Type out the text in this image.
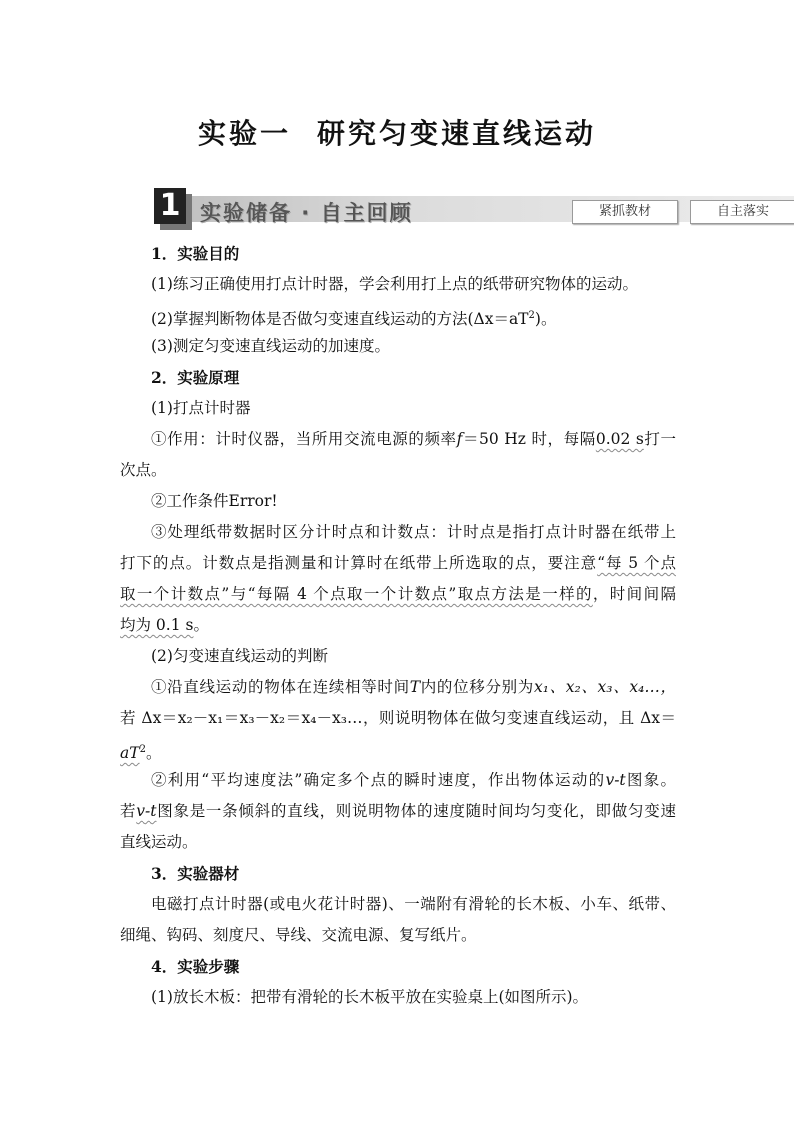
实验一 研究匀变速直线运动
1 实验储备 · 自主回顾	紧抓教材	自主落实
1．实验目的
(1)练习正确使用打点计时器，学会利用打上点的纸带研究物体的运动。
(2)掌握判断物体是否做匀变速直线运动的方法$(\Delta x=aT^2)$。
(3)测定匀变速直线运动的加速度。
2．实验原理
(1)打点计时器
①作用：计时仪器，当所用交流电源的频率f＝50 Hz 时，每隔0.02 s打一
次点。
②工作条件Error!
③处理纸带数据时区分计时点和计数点：计时点是指打点计时器在纸带上
打下的点。计数点是指测量和计算时在纸带上所选取的点，要注意“每 5 个点
取一个计数点”与“每隔 4 个点取一个计数点”取点方法是一样的，时间间隔
均为 0.1 s。
(2)匀变速直线运动的判断
①沿直线运动的物体在连续相等时间T内的位移分别为x₁、x₂、x₃、x₄…，
若 Δx＝x₂－x₁＝x₃－x₂＝x₄－x₃…，则说明物体在做匀变速直线运动，且 Δx＝
$aT^2$。
②利用“平均速度法”确定多个点的瞬时速度，作出物体运动的v-t图象。
若v-t图象是一条倾斜的直线，则说明物体的速度随时间均匀变化，即做匀变速
直线运动。
3．实验器材
电磁打点计时器(或电火花计时器)、一端附有滑轮的长木板、小车、纸带、
细绳、钩码、刻度尺、导线、交流电源、复写纸片。
4．实验步骤
(1)放长木板：把带有滑轮的长木板平放在实验桌上(如图所示)。
